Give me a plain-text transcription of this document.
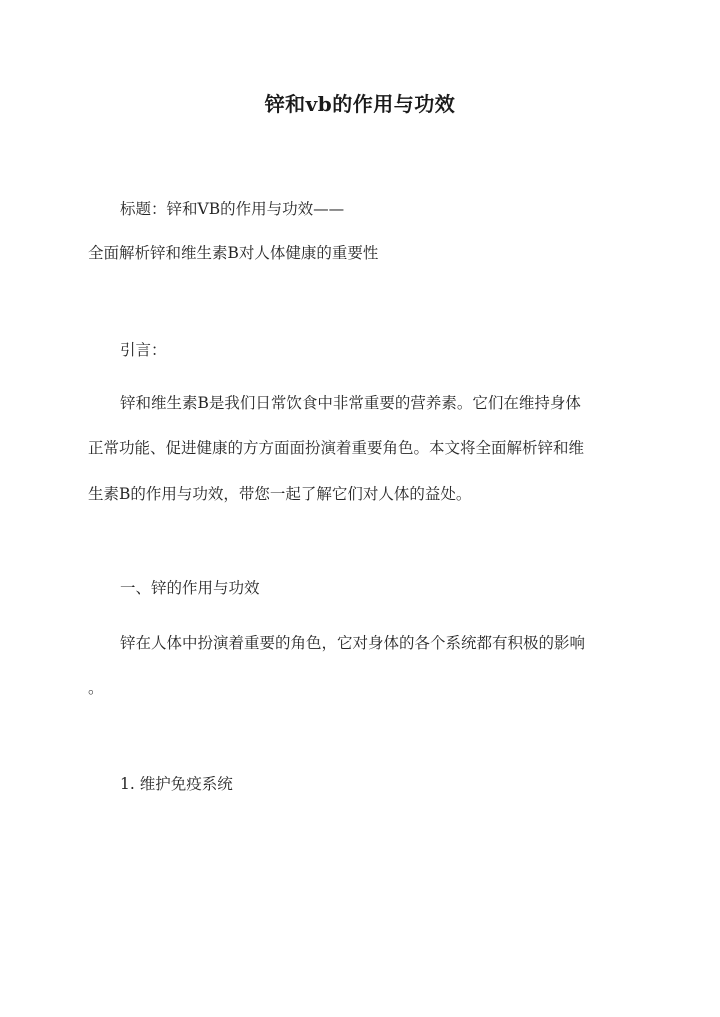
锌和vb的作用与功效
标题：锌和VB的作用与功效——
全面解析锌和维生素B对人体健康的重要性
引言：
锌和维生素B是我们日常饮食中非常重要的营养素。它们在维持身体
正常功能、促进健康的方方面面扮演着重要角色。本文将全面解析锌和维
生素B的作用与功效，带您一起了解它们对人体的益处。
一、锌的作用与功效
锌在人体中扮演着重要的角色，它对身体的各个系统都有积极的影响
。
1. 维护免疫系统
